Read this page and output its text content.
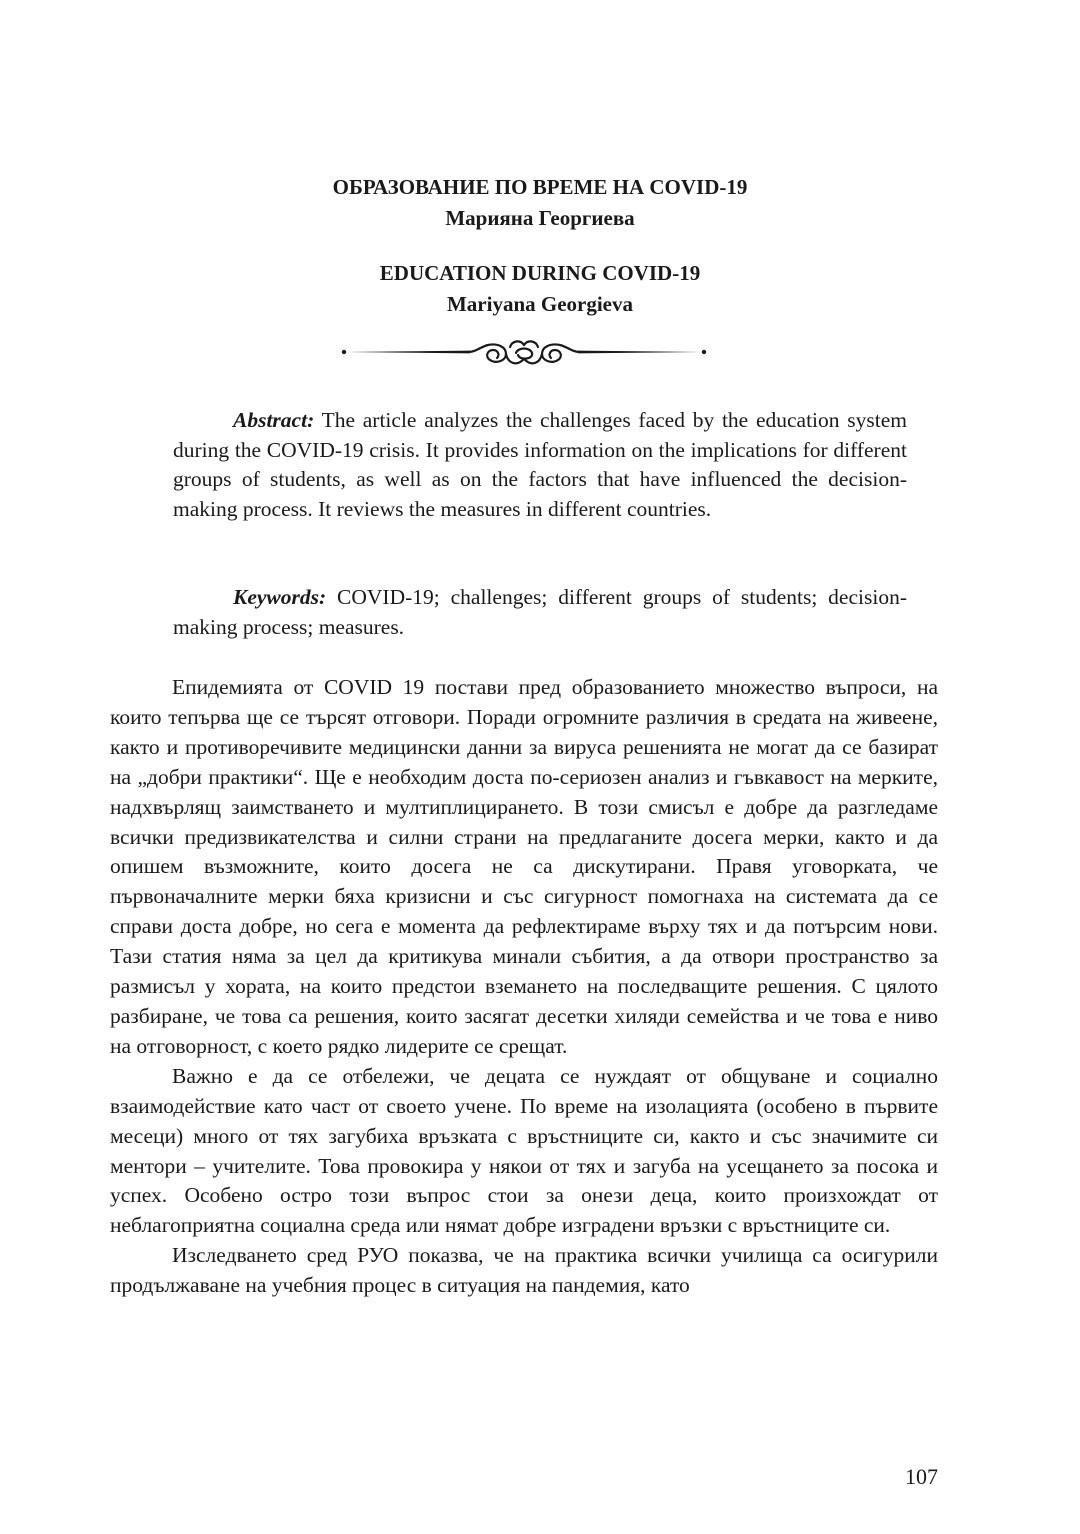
ОБРАЗОВАНИЕ ПО ВРЕМЕ НА COVID-19
Марияна Георгиева
EDUCATION DURING COVID-19
Mariyana Georgieva

Abstract: The article analyzes the challenges faced by the education system during the COVID-19 crisis. It provides information on the implications for different groups of students, as well as on the factors that have influenced the decision-making process. It reviews the measures in different countries.

Keywords: COVID-19; challenges; different groups of students; decision-making process; measures.

Епидемията от COVID 19 постави пред образованието множество въпроси, на които тепърва ще се търсят отговори. Поради огромните различия в средата на живеене, както и противоречивите медицински данни за вируса решенията не могат да се базират на „добри практики“. Ще е необходим доста по-сериозен анализ и гъвкавост на мерките, надхвърлящ заимстването и мултиплицирането. В този смисъл е добре да разгледаме всички предизвикателства и силни страни на предлаганите досега мерки, както и да опишем възможните, които досега не са дискутирани. Правя уговорката, че първоначалните мерки бяха кризисни и със сигурност помогнаха на системата да се справи доста добре, но сега е момента да рефлектираме върху тях и да потърсим нови. Тази статия няма за цел да критикува минали събития, а да отвори пространство за размисъл у хората, на които предстои вземането на последващите решения. С цялото разбиране, че това са решения, които засягат десетки хиляди семейства и че това е ниво на отговорност, с което рядко лидерите се срещат.

Важно е да се отбележи, че децата се нуждаят от общуване и социално взаимодействие като част от своето учене. По време на изолацията (особено в първите месеци) много от тях загубиха връзката с връстниците си, както и със значимите си ментори – учителите. Това провокира у някои от тях и загуба на усещането за посока и успех. Особено остро този въпрос стои за онези деца, които произхождат от неблагоприятна социална среда или нямат добре изградени връзки с връстниците си.

Изследването сред РУО показва, че на практика всички училища са осигурили продължаване на учебния процес в ситуация на пандемия, като

107
